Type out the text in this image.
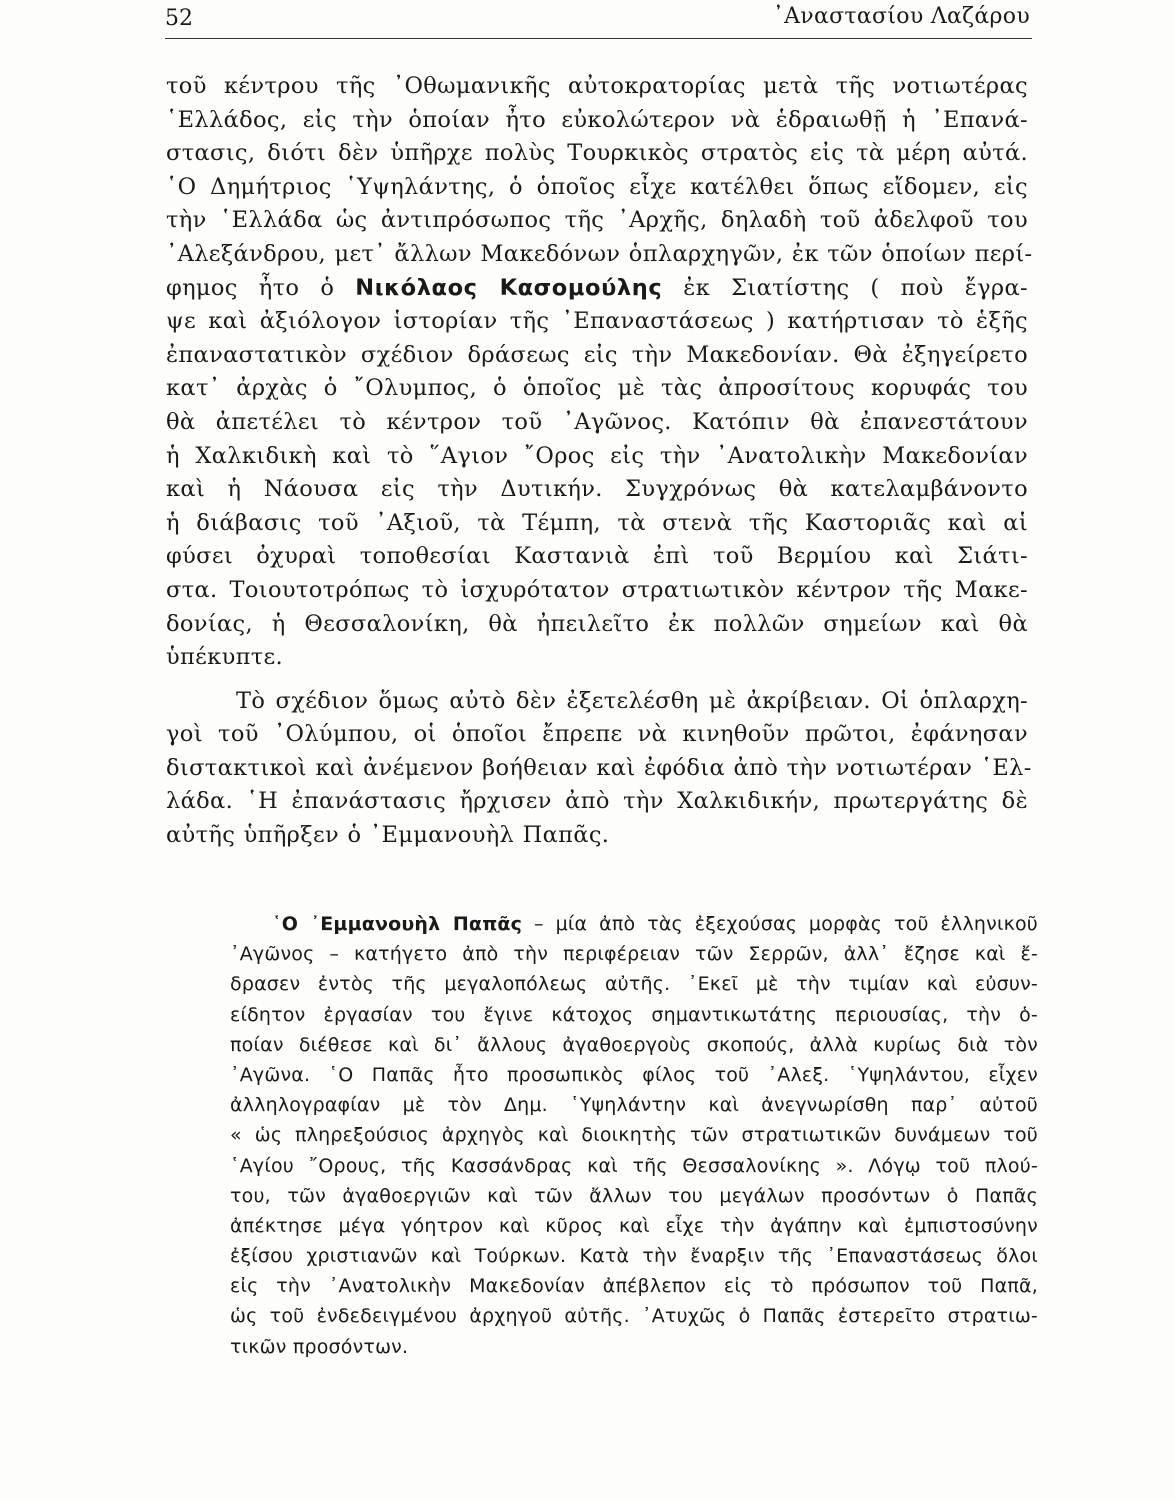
52	᾿Αναστασίου Λαζάρου
τοῦ κέντρου τῆς ᾿Οθωμανικῆς αὐτοκρατορίας μετὰ τῆς νοτιωτέρας
῾Ελλάδος, εἰς τὴν ὁποίαν ἦτο εὐκολώτερον νὰ ἑδραιωθῇ ἡ ᾿Επανά-
στασις, διότι δὲν ὑπῆρχε πολὺς Τουρκικὸς στρατὸς εἰς τὰ μέρη αὐτά.
῾Ο Δημήτριος ῾Υψηλάντης, ὁ ὁποῖος εἶχε κατέλθει ὅπως εἴδομεν, εἰς
τὴν ῾Ελλάδα ὡς ἀντιπρόσωπος τῆς ᾿Αρχῆς, δηλαδὴ τοῦ ἀδελφοῦ του
᾿Αλεξάνδρου, μετ᾿ ἄλλων Μακεδόνων ὁπλαρχηγῶν, ἐκ τῶν ὁποίων περί-
φημος ἦτο ὁ Νικόλαος Κασομούλης ἐκ Σιατίστης ( ποὺ ἔγρα-
ψε καὶ ἀξιόλογον ἱστορίαν τῆς ᾿Επαναστάσεως ) κατήρτισαν τὸ ἑξῆς
ἐπαναστατικὸν σχέδιον δράσεως εἰς τὴν Μακεδονίαν. Θὰ ἐξηγείρετο
κατ᾿ ἀρχὰς ὁ ῎Ολυμπος, ὁ ὁποῖος μὲ τὰς ἀπροσίτους κορυφάς του
θὰ ἀπετέλει τὸ κέντρον τοῦ ᾿Αγῶνος. Κατόπιν θὰ ἐπανεστάτουν
ἡ Χαλκιδικὴ καὶ τὸ ῞Αγιον ῎Ορος εἰς τὴν ᾿Ανατολικὴν Μακεδονίαν
καὶ ἡ Νάουσα εἰς τὴν Δυτικήν. Συγχρόνως θὰ κατελαμβάνοντο
ἡ διάβασις τοῦ ᾿Αξιοῦ, τὰ Τέμπη, τὰ στενὰ τῆς Καστοριᾶς καὶ αἱ
φύσει ὀχυραὶ τοποθεσίαι Καστανιὰ ἐπὶ τοῦ Βερμίου καὶ Σιάτι-
στα. Τοιουτοτρόπως τὸ ἰσχυρότατον στρατιωτικὸν κέντρον τῆς Μακε-
δονίας, ἡ Θεσσαλονίκη, θὰ ἠπειλεῖτο ἐκ πολλῶν σημείων καὶ θὰ
ὑπέκυπτε.
Τὸ σχέδιον ὅμως αὐτὸ δὲν ἐξετελέσθη μὲ ἀκρίβειαν. Οἱ ὁπλαρχη-
γοὶ τοῦ ᾿Ολύμπου, οἱ ὁποῖοι ἔπρεπε νὰ κινηθοῦν πρῶτοι, ἐφάνησαν
διστακτικοὶ καὶ ἀνέμενον βοήθειαν καὶ ἐφόδια ἀπὸ τὴν νοτιωτέραν ῾Ελ-
λάδα. ῾Η ἐπανάστασις ἤρχισεν ἀπὸ τὴν Χαλκιδικήν, πρωτεργάτης δὲ
αὐτῆς ὑπῆρξεν ὁ ᾿Εμμανουὴλ Παπᾶς.
῾Ο ᾿Εμμανουὴλ Παπᾶς – μία ἀπὸ τὰς ἐξεχούσας μορφὰς τοῦ ἑλληνικοῦ
᾿Αγῶνος – κατήγετο ἀπὸ τὴν περιφέρειαν τῶν Σερρῶν, ἀλλ᾿ ἔζησε καὶ ἔ-
δρασεν ἐντὸς τῆς μεγαλοπόλεως αὐτῆς. ᾿Εκεῖ μὲ τὴν τιμίαν καὶ εὐσυν-
είδητον ἐργασίαν του ἔγινε κάτοχος σημαντικωτάτης περιουσίας, τὴν ὁ-
ποίαν διέθεσε καὶ δι᾿ ἄλλους ἀγαθοεργοὺς σκοπούς, ἀλλὰ κυρίως διὰ τὸν
᾿Αγῶνα. ῾Ο Παπᾶς ἦτο προσωπικὸς φίλος τοῦ ᾿Αλεξ. ῾Υψηλάντου, εἶχεν
ἀλληλογραφίαν μὲ τὸν Δημ. ῾Υψηλάντην καὶ ἀνεγνωρίσθη παρ᾿ αὐτοῦ
« ὡς πληρεξούσιος ἀρχηγὸς καὶ διοικητὴς τῶν στρατιωτικῶν δυνάμεων τοῦ
῾Αγίου ῎Ορους, τῆς Κασσάνδρας καὶ τῆς Θεσσαλονίκης ». Λόγῳ τοῦ πλού-
του, τῶν ἀγαθοεργιῶν καὶ τῶν ἄλλων του μεγάλων προσόντων ὁ Παπᾶς
ἀπέκτησε μέγα γόητρον καὶ κῦρος καὶ εἶχε τὴν ἀγάπην καὶ ἐμπιστοσύνην
ἐξίσου χριστιανῶν καὶ Τούρκων. Κατὰ τὴν ἔναρξιν τῆς ᾿Επαναστάσεως ὅλοι
εἰς τὴν ᾿Ανατολικὴν Μακεδονίαν ἀπέβλεπον εἰς τὸ πρόσωπον τοῦ Παπᾶ,
ὡς τοῦ ἐνδεδειγμένου ἀρχηγοῦ αὐτῆς. ᾿Ατυχῶς ὁ Παπᾶς ἐστερεῖτο στρατιω-
τικῶν προσόντων.
